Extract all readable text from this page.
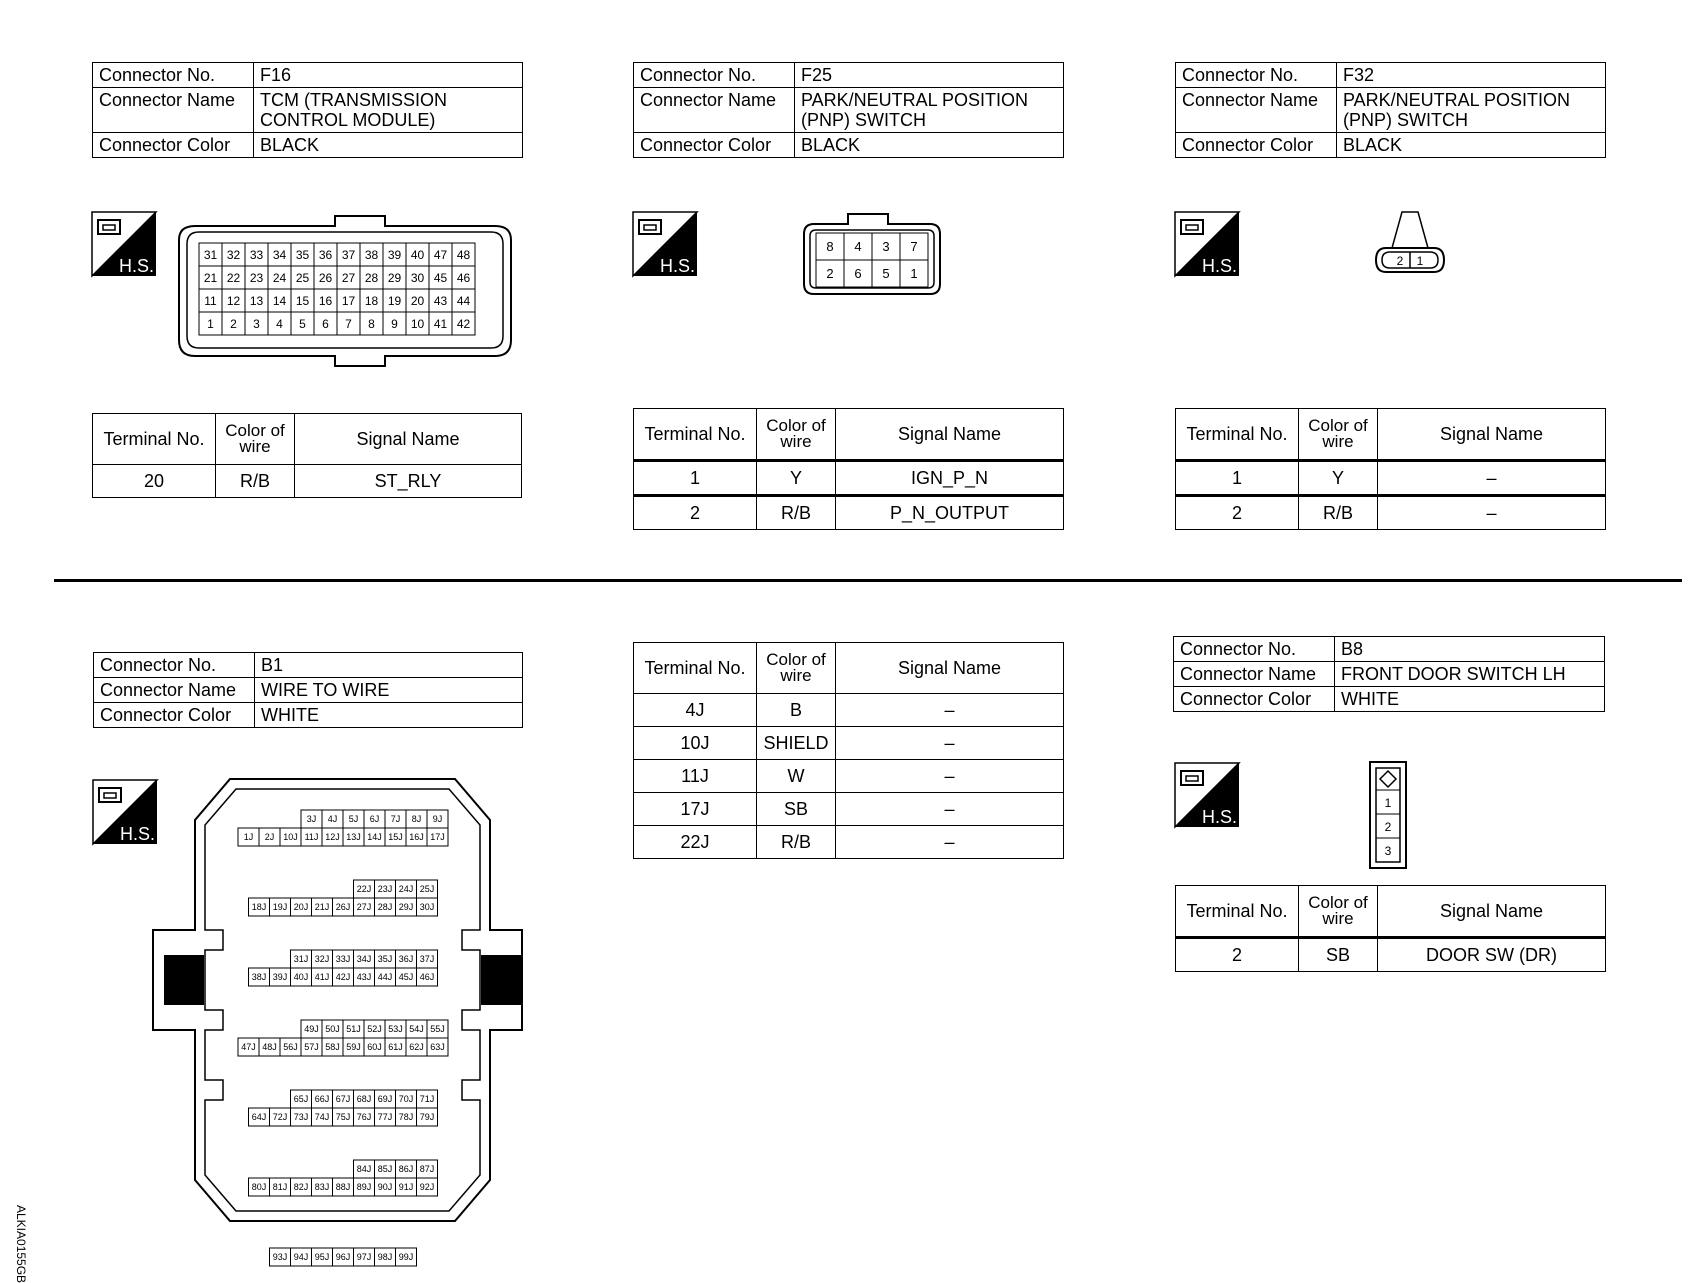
Connector No.	F16
Connector Name	TCM (TRANSMISSION
CONTROL MODULE)

Connector Color	BLACK
H.S.
31 32 33 34 35 36 37 38 39 40 47 48
21 22 23 24 25 26 27 28 29 30 45 46
11 12 13 14 15 16 17 18 19 20 43 44
1 2 3 4 5 6 7 8 9 10 41 42
Terminal No.	Color of
wire	Signal Name
20	R/B	ST_RLY
Connector No.	F25
Connector Name	PARK/NEUTRAL POSITION
(PNP) SWITCH

Connector Color	BLACK
H.S.
8 4 3 7
2 6 5 1
Terminal No.	Color of
wire	Signal Name
1	Y	IGN_P_N
2	R/B	P_N_OUTPUT
Connector No.	F32
Connector Name	PARK/NEUTRAL POSITION
(PNP) SWITCH

Connector Color	BLACK
H.S.	2 1
Terminal No.	Color of
wire	Signal Name
1	Y	–
2	R/B	–
Connector No.	B1
Connector Name	WIRE TO WIRE
Connector Color	WHITE
H.S.
3J 4J 5J 6J 7J 8J 9J
1J 2J 10J 11J 12J 13J 14J 15J 16J 17J
22J 23J 24J 25J
18J 19J 20J 21J 26J 27J 28J 29J 30J
31J 32J 33J 34J 35J 36J 37J
38J 39J 40J 41J 42J 43J 44J 45J 46J
49J 50J 51J 52J 53J 54J 55J
47J 48J 56J 57J 58J 59J 60J 61J 62J 63J
65J 66J 67J 68J 69J 70J 71J
64J 72J 73J 74J 75J 76J 77J 78J 79J
84J 85J 86J 87J
80J 81J 82J 83J 88J 89J 90J 91J 92J
93J 94J 95J 96J 97J 98J 99J
Terminal No.	Color of
wire	Signal Name
4J	B	–
10J	SHIELD	–
11J	W	–
17J	SB	–
22J	R/B	–
Connector No.	B8
Connector Name	FRONT DOOR SWITCH LH
Connector Color	WHITE
H.S.
1
2
3
Terminal No.	Color of
wire	Signal Name
2	SB	DOOR SW (DR)
ALKIA0155GB
